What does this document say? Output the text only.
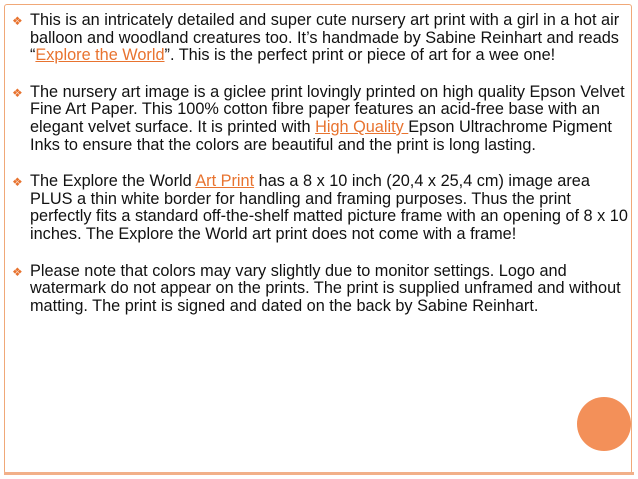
❖ This is an intricately detailed and super cute nursery art print with a girl in a hot air balloon and woodland creatures too. It’s handmade by Sabine Reinhart and reads “Explore the World”. This is the perfect print or piece of art for a wee one!
❖ The nursery art image is a giclee print lovingly printed on high quality Epson Velvet Fine Art Paper. This 100% cotton fibre paper features an acid-free base with an elegant velvet surface. It is printed with High Quality Epson Ultrachrome Pigment Inks to ensure that the colors are beautiful and the print is long lasting.
❖ The Explore the World Art Print has a 8 x 10 inch (20,4 x 25,4 cm) image area PLUS a thin white border for handling and framing purposes. Thus the print perfectly fits a standard off-the-shelf matted picture frame with an opening of 8 x 10 inches. The Explore the World art print does not come with a frame!
❖ Please note that colors may vary slightly due to monitor settings. Logo and watermark do not appear on the prints. The print is supplied unframed and without matting. The print is signed and dated on the back by Sabine Reinhart.
